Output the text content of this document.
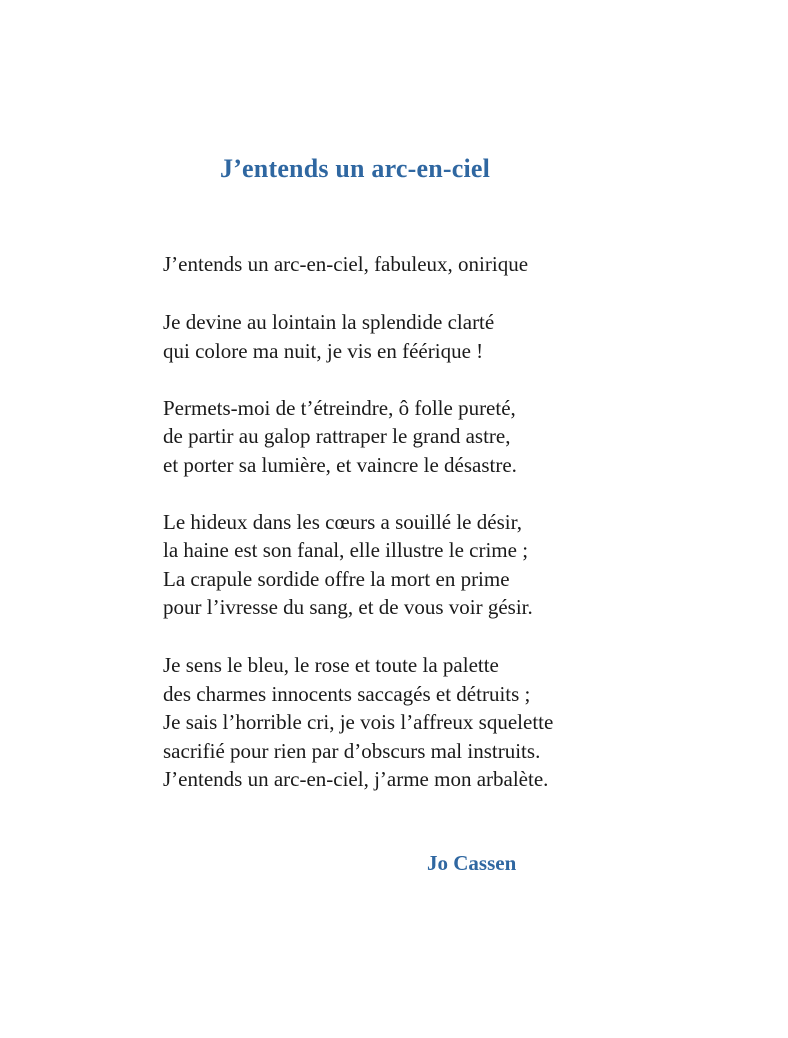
J’entends un arc-en-ciel
J’entends un arc-en-ciel, fabuleux, onirique
Je devine au lointain la splendide clarté
qui colore ma nuit, je vis en féérique !
Permets-moi de t’étreindre, ô folle pureté,
de partir au galop rattraper le grand astre,
et porter sa lumière, et vaincre le désastre.
Le hideux dans les cœurs a souillé le désir,
la haine est son fanal, elle illustre le crime ;
La crapule sordide offre la mort en prime
pour l’ivresse du sang, et de vous voir gésir.
Je sens le bleu, le rose et toute la palette
des charmes innocents saccagés et détruits ;
Je sais l’horrible cri, je vois l’affreux squelette
sacrifié pour rien par d’obscurs mal instruits.
J’entends un arc-en-ciel, j’arme mon arbalète.
Jo Cassen
